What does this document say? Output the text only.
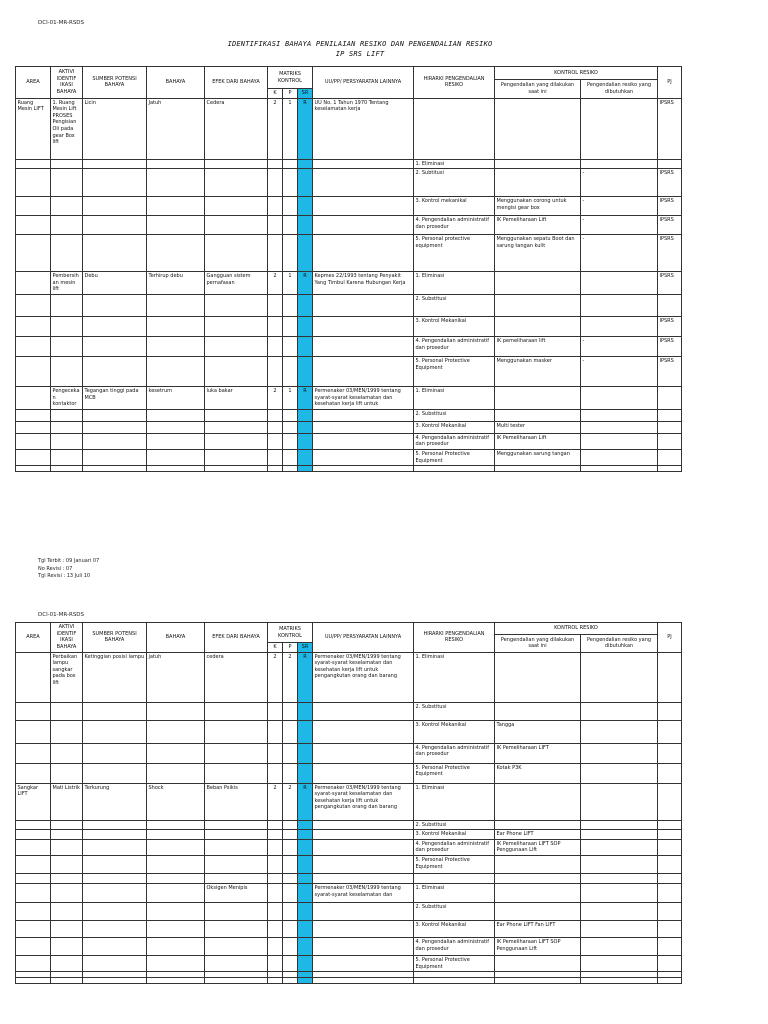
DCI-01-MR-RSDS
IDENTIFIKASI BAHAYA PENILAIAN RESIKO DAN PENGENDALIAN RESIKO
IP SRS LIFT
AREA	AKTIVI IDENTIF IKASI BAHAYA	SUMBER POTENSI BAHAYA	BAHAYA	EFEK DARI BAHAYA	MATRIKS KONTROL			UU/PP/ PERSYARATAN LAINNYA	HIRARKI PENGENDALIAN RESIKO	KONTROL RESIKO		PJ
										Pengendalian yang dilakukan saat ini	Pengendalian resiko yang dibutuhkan	
					K	P	SR					
Ruang Mesin LIFT	1. Ruang Mesin Lift PROSES Pengisian Oli pada gear Box lift	Licin	Jatuh	Cedera	2	1	R	UU No. 1 Tahun 1970 Tentang keselamatan kerja				IPSRS
									1. Eliminasi			
									2. Subtitusi		-	IPSRS
									3. Kontrol mekanikal	Menggunakan corong untuk mengisi gear box	-	IPSRS
									4. Pengendalian administratif dan prosedur	IK Pemeliharaan Lift	-	IPSRS
									5. Personal protective equipment	Menggunakan sepatu Boot dan sarung tangan kulit	-	IPSRS
	Pembersih an mesin lift	Debu	Terhirup debu	Gangguan sistem pernafasan	2	1	R	Kepmes 22/1993 tentang Penyakit Yang Timbul Karena Hubungan Kerja	1. Eliminasi			IPSRS
									2. Substitusi			
									3. Kontrol Mekanikal			IPSRS
									4. Pengendalian administratif dan prosedur	IK pemeliharaan lift	-	IPSRS
									5. Personal Protective Equipment	Menggunakan masker	-	IPSRS
	Pengecekan kontaktor	Tegangan tinggi pada MCB	kesetrum	luka bakar	2	1	R	Permenaker 03/MEN/1999 tentang syarat-syarat keselamatan dan kesehatan kerja lift untuk	1. Eliminasi			
									2. Substitusi			
									3. Kontrol Mekanikal	Multi tester		
									4. Pengendalian administratif dan prosedur	IK Pemeliharaan Lift		
									5. Personal Protective Equipment	Menggunakan sarung tangan		

Tgl Terbit : 09 Januari 07
No Revisi : 07
Tgl Revisi : 13 Juli 10
DCI-01-MR-RSDS
AREA	AKTIVI IDENTIF IKASI BAHAYA	SUMBER POTENSI BAHAYA	BAHAYA	EFEK DARI BAHAYA	MATRIKS KONTROL			UU/PP/ PERSYARATAN LAINNYA	HIRARKI PENGENDALIAN RESIKO	KONTROL RESIKO		PJ
										Pengendalian yang dilakukan saat ini	Pengendalian resiko yang dibutuhkan	
					K	P	SR					
	Perbaikan lampu sangkar pada box lift	Ketinggian posisi lampu	jatuh	cedera	2	2	R	Permenaker 03/MEN/1999 tentang syarat-syarat keselamatan dan kesehatan kerja lift untuk pengangkutan orang dan barang	1. Eliminasi			
									2. Substitusi			
									3. Kontrol Mekanikal	Tangga		
									4. Pengendalian administratif dan prosedur	IK Pemeliharaan LIFT		
									5. Personal Protective Equipment	Kotak P3K		
Sangkar LIFT	Mati Listrik	Terkurung	Shock	Beban Psikis	2	2	R	Permenaker 03/MEN/1999 tentang syarat-syarat keselamatan dan kesehatan kerja lift untuk pengangkutan orang dan barang	1. Eliminasi			
									2. Substitusi			
									3. Kontrol Mekanikal	Ear Phone LIFT		
									4. Pengendalian administratif dan prosedur	IK Pemeliharaan LIFT SOP Penggunaan Lift		
									5. Personal Protective Equipment			

				Oksigen Menipis				Permenaker 03/MEN/1999 tentang syarat-syarat keselamatan dan	1. Eliminasi			
									2. Substitusi			
									3. Kontrol Mekanikal	Ear Phone LIFT Fan LIFT		
									4. Pengendalian administratif dan prosedur	IK Pemeliharaan LIFT SOP Penggunaan Lift		
									5. Personal Protective Equipment			
